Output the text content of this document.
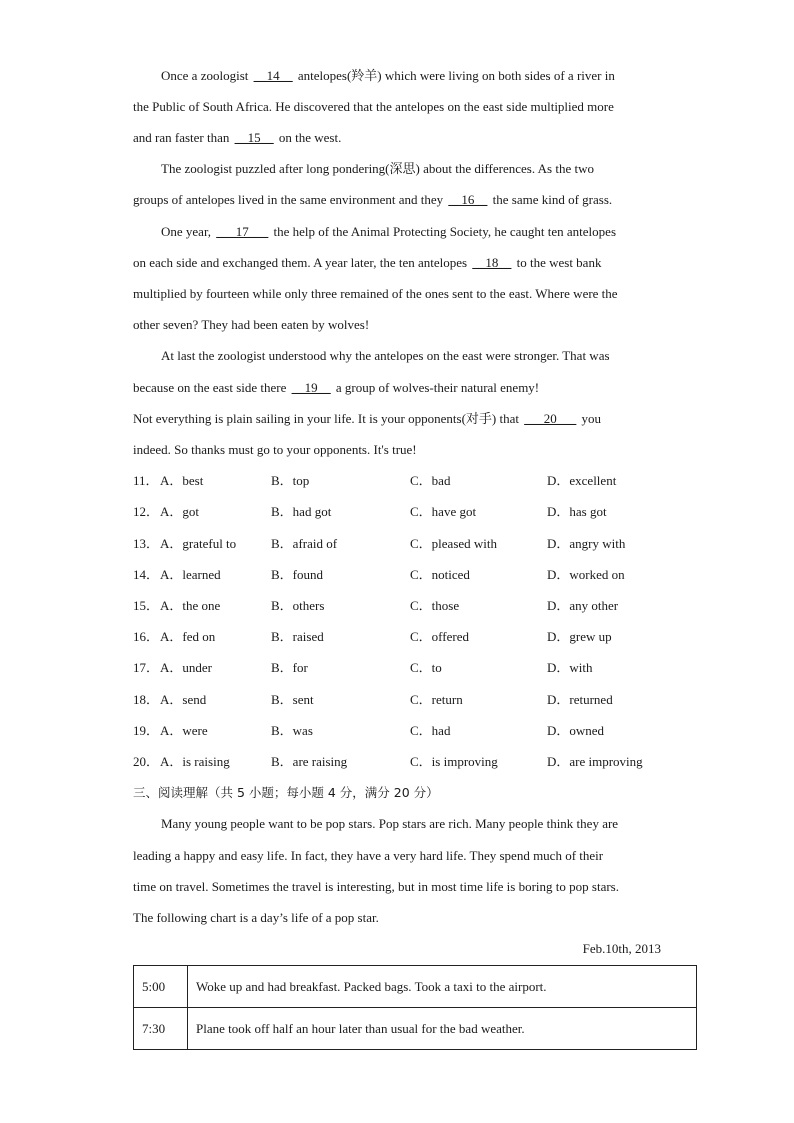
Once a zoologist __14__ antelopes(羚羊) which were living on both sides of a river in
the Public of South Africa. He discovered that the antelopes on the east side multiplied more
and ran faster than __15__ on the west.
The zoologist puzzled after long pondering(深思) about the differences. As the two
groups of antelopes lived in the same environment and they __16__ the same kind of grass.
One year, ___17___ the help of the Animal Protecting Society, he caught ten antelopes
on each side and exchanged them. A year later, the ten antelopes __18__ to the west bank
multiplied by fourteen while only three remained of the ones sent to the east. Where were the
other seven? They had been eaten by wolves!
At last the zoologist understood why the antelopes on the east were stronger. That was
because on the east side there __19__ a group of wolves-their natural enemy!
Not everything is plain sailing in your life. It is your opponents(对手) that ___20___ you
indeed. So thanks must go to your opponents. It's true!
11． A．best	B．top	C．bad	D．excellent
12． A．got	B．had got	C．have got	D．has got
13． A．grateful to	B．afraid of	C．pleased with	D．angry with
14． A．learned	B．found	C．noticed	D．worked on
15． A．the one	B．others	C．those	D．any other
16． A．fed on	B．raised	C．offered	D．grew up
17． A．under	B．for	C．to	D．with
18． A．send	B．sent	C．return	D．returned
19． A．were	B．was	C．had	D．owned
20． A．is raising	B．are raising	C．is improving	D．are improving
三、阅读理解（共 5 小题；每小题 4 分，满分 20 分）
Many young people want to be pop stars. Pop stars are rich. Many people think they are
leading a happy and easy life. In fact, they have a very hard life. They spend much of their
time on travel. Sometimes the travel is interesting, but in most time life is boring to pop stars.
The following chart is a day’s life of a pop star.
Feb.10th, 2013
5:00	Woke up and had breakfast. Packed bags. Took a taxi to the airport.
7:30	Plane took off half an hour later than usual for the bad weather.
